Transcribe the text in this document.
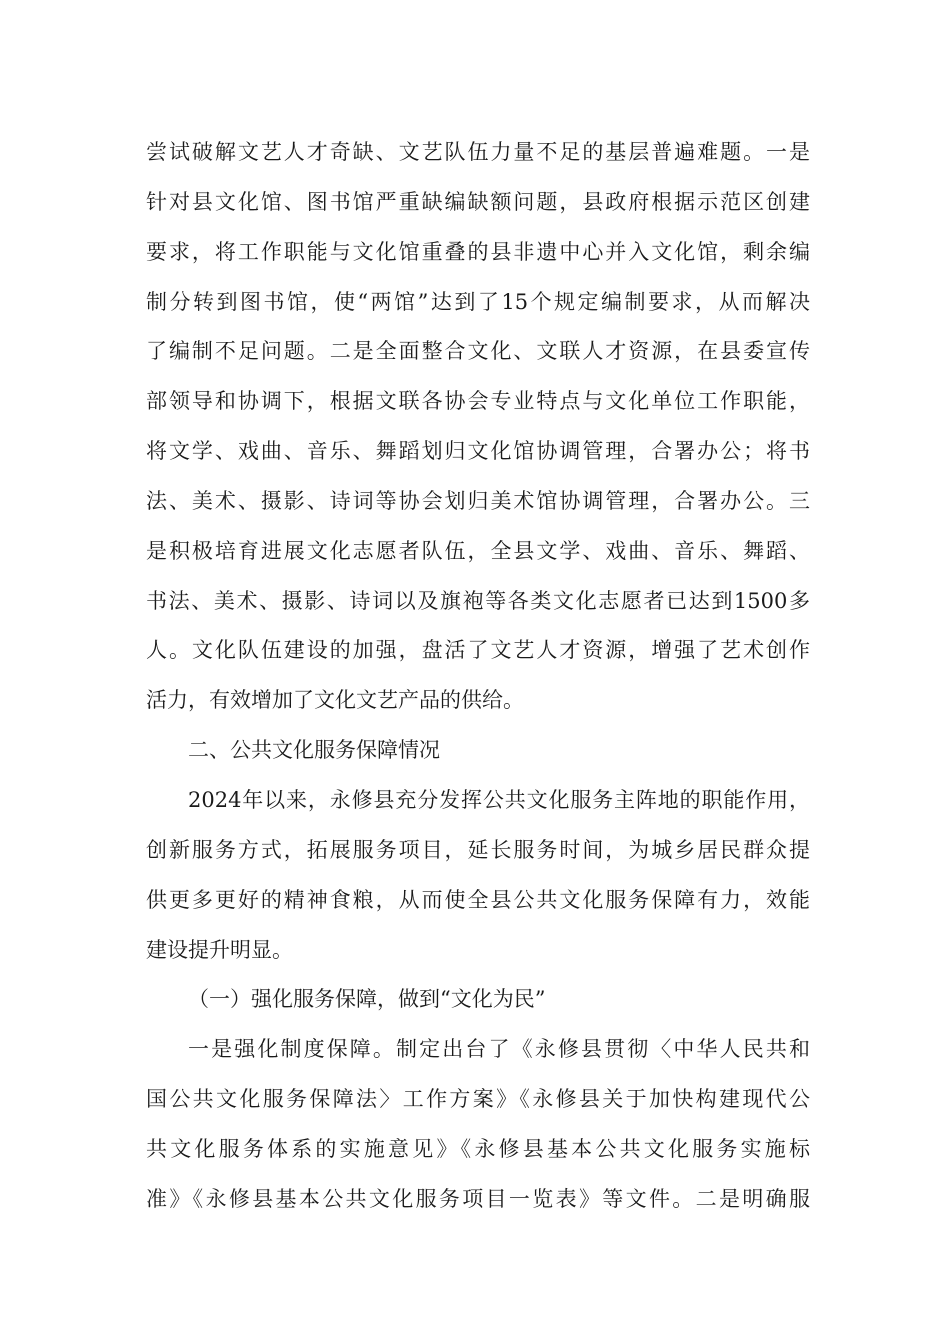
尝试破解文艺人才奇缺、文艺队伍力量不足的基层普遍难题。一是
针对县文化馆、图书馆严重缺编缺额问题，县政府根据示范区创建
要求，将工作职能与文化馆重叠的县非遗中心并入文化馆，剩余编
制分转到图书馆，使“两馆”达到了15个规定编制要求，从而解决
了编制不足问题。二是全面整合文化、文联人才资源，在县委宣传
部领导和协调下，根据文联各协会专业特点与文化单位工作职能，
将文学、戏曲、音乐、舞蹈划归文化馆协调管理，合署办公；将书
法、美术、摄影、诗词等协会划归美术馆协调管理，合署办公。三
是积极培育进展文化志愿者队伍，全县文学、戏曲、音乐、舞蹈、
书法、美术、摄影、诗词以及旗袍等各类文化志愿者已达到1500多
人。文化队伍建设的加强，盘活了文艺人才资源，增强了艺术创作
活力，有效增加了文化文艺产品的供给。
二、公共文化服务保障情况
2024年以来，永修县充分发挥公共文化服务主阵地的职能作用，
创新服务方式，拓展服务项目，延长服务时间，为城乡居民群众提
供更多更好的精神食粮，从而使全县公共文化服务保障有力，效能
建设提升明显。
（一）强化服务保障，做到“文化为民”
一是强化制度保障。制定出台了《永修县贯彻〈中华人民共和
国公共文化服务保障法〉工作方案》《永修县关于加快构建现代公
共文化服务体系的实施意见》《永修县基本公共文化服务实施标
准》《永修县基本公共文化服务项目一览表》等文件。二是明确服
